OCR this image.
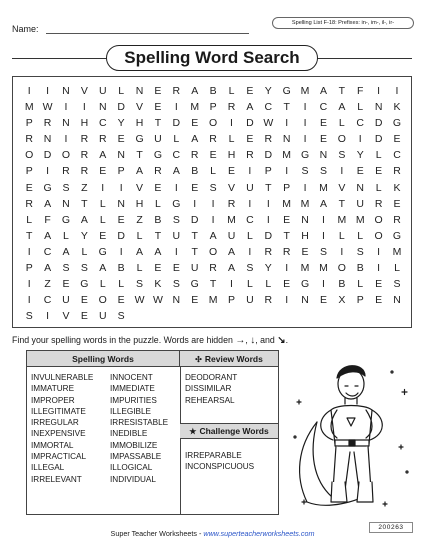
Name:
Spelling List F-18: Prefixes: in-, im-, il-, ir-
Spelling Word Search
I	I	N	V	U	L	N	E	R	A	B	L	E	Y	G M	A	T	F	I	I
M W	I	I	N	D	V	E	I	M	P	R	A	C	T	I	C	A	L	N	K
P	R	N	H	C	Y	H	T	D	E	O	I	D W	I	I	E	L	C	D	G
R	N	I	R	R	E	G	U	L	A	R	L	E	R	N	I	E	O	I	D	E
O	D	O	R	A	N	T	G	C	R	E	H	R	D M G	N	S	Y	L	C
P	I	R	R	E	P	A	R	A	B	L	E	I	P	I	S	S	I	E	E	R
E	G	S	Z	I	I	V	E	I	E	S	V	U	T	P	I	M	V	N	L	K
R	A	N	T	L	N	H	L	G	I	I	R	I	I	M M	A	T	U	R	E
L	F	G	A	L	E	Z	B	S	D	I	M C	I	E	N	I	M M O	R
T	A	L	Y	E	D	L	T	U	T	A	U	L	D	T	H	I	L	L	O G
I	C	A	L	G	I	A	A	I	T	O	A	I	R	R	E	S	I	S	I	M
P	A	S	S	A	B	L	E	E	U	R	A	S	Y	I	M M O	B	I	L
I	Z	E	G	L	L	S	K	S	G	T	I	L	L	E	G	I	B	L	E	S
I	C	U	E	O	E W W N	E	M	P	U	R	I	N	E	X	P	E	N
S	I	V	E	U	S
Find your spelling words in the puzzle. Words are hidden →, ↓, and ↘.
Spelling Words	✣ Review Words
INVULNERABLE
IMMATURE
IMPROPER
ILLEGITIMATE
IRREGULAR
INEXPENSIVE
IMMORTAL
IMPRACTICAL
ILLEGAL
IRRELEVANT
INNOCENT
IMMEDIATE
IMPURITIES
ILLEGIBLE
IRRESISTABLE
INEDIBLE
IMMOBILIZE
IMPASSABLE
ILLOGICAL
INDIVIDUAL
DEODORANT
DISSIMILAR
REHEARSAL
★ Challenge Words
IRREPARABLE
INCONSPICUOUS
Super Teacher Worksheets - www.superteacherworksheets.com
200263
